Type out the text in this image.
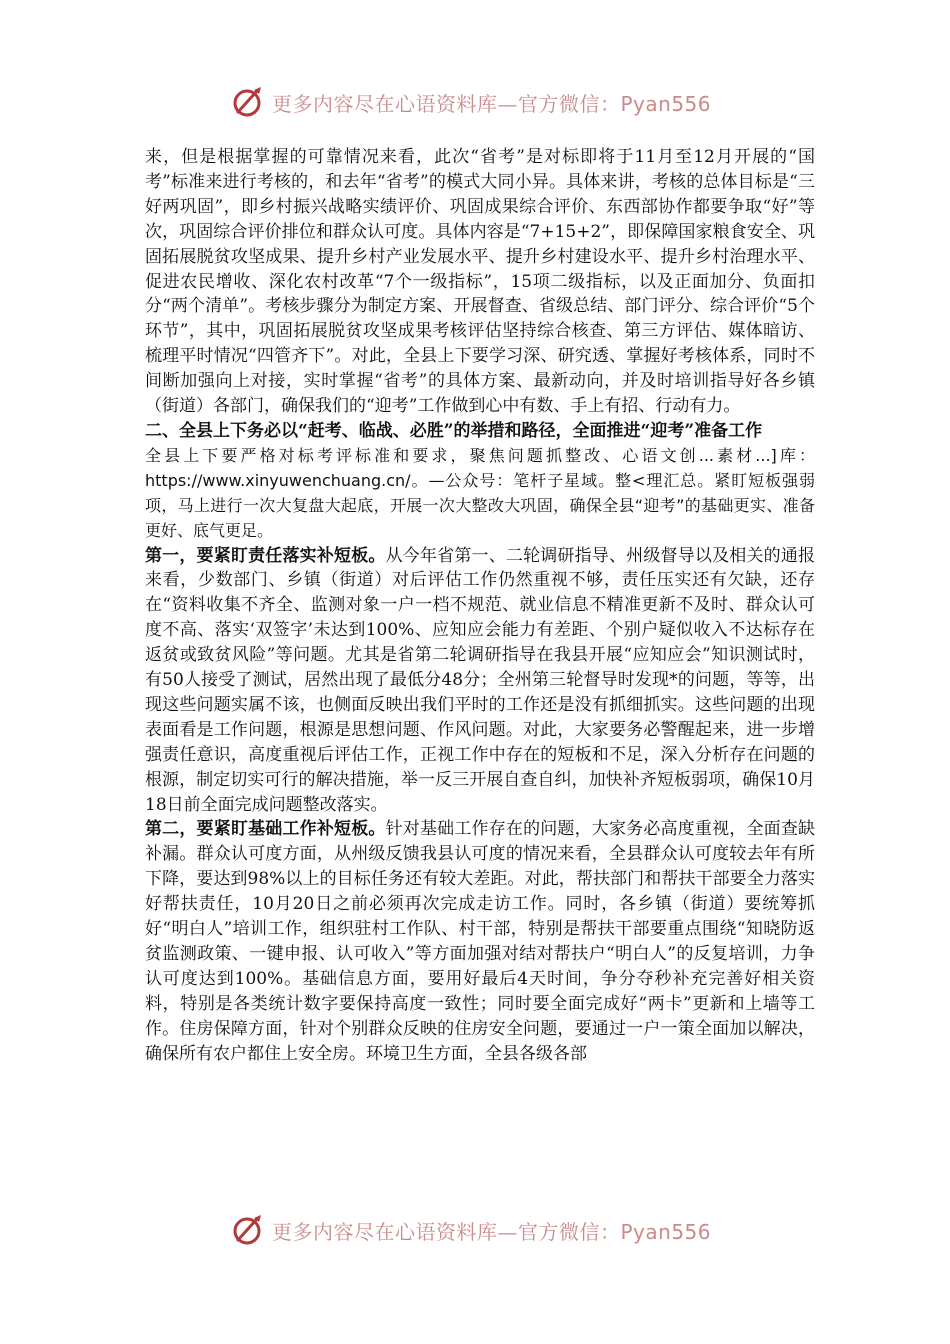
更多内容尽在心语资料库—官方微信：Pyan556

来，但是根据掌握的可靠情况来看，此次“省考”是对标即将于11月至12月开展的“国考”标准来进行考核的，和去年“省考”的模式大同小异。具体来讲，考核的总体目标是“三好两巩固”，即乡村振兴战略实绩评价、巩固成果综合评价、东西部协作都要争取“好”等次，巩固综合评价排位和群众认可度。具体内容是“7+15+2”，即保障国家粮食安全、巩固拓展脱贫攻坚成果、提升乡村产业发展水平、提升乡村建设水平、提升乡村治理水平、促进农民增收、深化农村改革“7个一级指标”，15项二级指标，以及正面加分、负面扣分“两个清单”。考核步骤分为制定方案、开展督查、省级总结、部门评分、综合评价“5个环节”，其中，巩固拓展脱贫攻坚成果考核评估坚持综合核查、第三方评估、媒体暗访、梳理平时情况“四管齐下”。对此，全县上下要学习深、研究透、掌握好考核体系，同时不间断加强向上对接，实时掌握“省考”的具体方案、最新动向，并及时培训指导好各乡镇（街道）各部门，确保我们的“迎考”工作做到心中有数、手上有招、行动有力。

二、全县上下务必以“赶考、临战、必胜”的举措和路径，全面推进“迎考”准备工作

全县上下要严格对标考评标准和要求，聚焦问题抓整改、心语文创...素材...]库：https://www.xinyuwenchuang.cn/。—公众号：笔杆子星域。整<理汇总。紧盯短板强弱项，马上进行一次大复盘大起底，开展一次大整改大巩固，确保全县“迎考”的基础更实、准备更好、底气更足。

第一，要紧盯责任落实补短板。从今年省第一、二轮调研指导、州级督导以及相关的通报来看，少数部门、乡镇（街道）对后评估工作仍然重视不够，责任压实还有欠缺，还存在“资料收集不齐全、监测对象一户一档不规范、就业信息不精准更新不及时、群众认可度不高、落实‘双签字’未达到100%、应知应会能力有差距、个别户疑似收入不达标存在返贫或致贫风险”等问题。尤其是省第二轮调研指导在我县开展“应知应会”知识测试时，有50人接受了测试，居然出现了最低分48分；全州第三轮督导时发现*的问题，等等，出现这些问题实属不该，也侧面反映出我们平时的工作还是没有抓细抓实。这些问题的出现表面看是工作问题，根源是思想问题、作风问题。对此，大家要务必警醒起来，进一步增强责任意识，高度重视后评估工作，正视工作中存在的短板和不足，深入分析存在问题的根源，制定切实可行的解决措施，举一反三开展自查自纠，加快补齐短板弱项，确保10月18日前全面完成问题整改落实。

第二，要紧盯基础工作补短板。针对基础工作存在的问题，大家务必高度重视，全面查缺补漏。群众认可度方面，从州级反馈我县认可度的情况来看，全县群众认可度较去年有所下降，要达到98%以上的目标任务还有较大差距。对此，帮扶部门和帮扶干部要全力落实好帮扶责任，10月20日之前必须再次完成走访工作。同时，各乡镇（街道）要统筹抓好“明白人”培训工作，组织驻村工作队、村干部，特别是帮扶干部要重点围绕“知晓防返贫监测政策、一键申报、认可收入”等方面加强对结对帮扶户“明白人”的反复培训，力争认可度达到100%。基础信息方面，要用好最后4天时间，争分夺秒补充完善好相关资料，特别是各类统计数字要保持高度一致性；同时要全面完成好“两卡”更新和上墙等工作。住房保障方面，针对个别群众反映的住房安全问题，要通过一户一策全面加以解决，确保所有农户都住上安全房。环境卫生方面，全县各级各部

更多内容尽在心语资料库—官方微信：Pyan556
